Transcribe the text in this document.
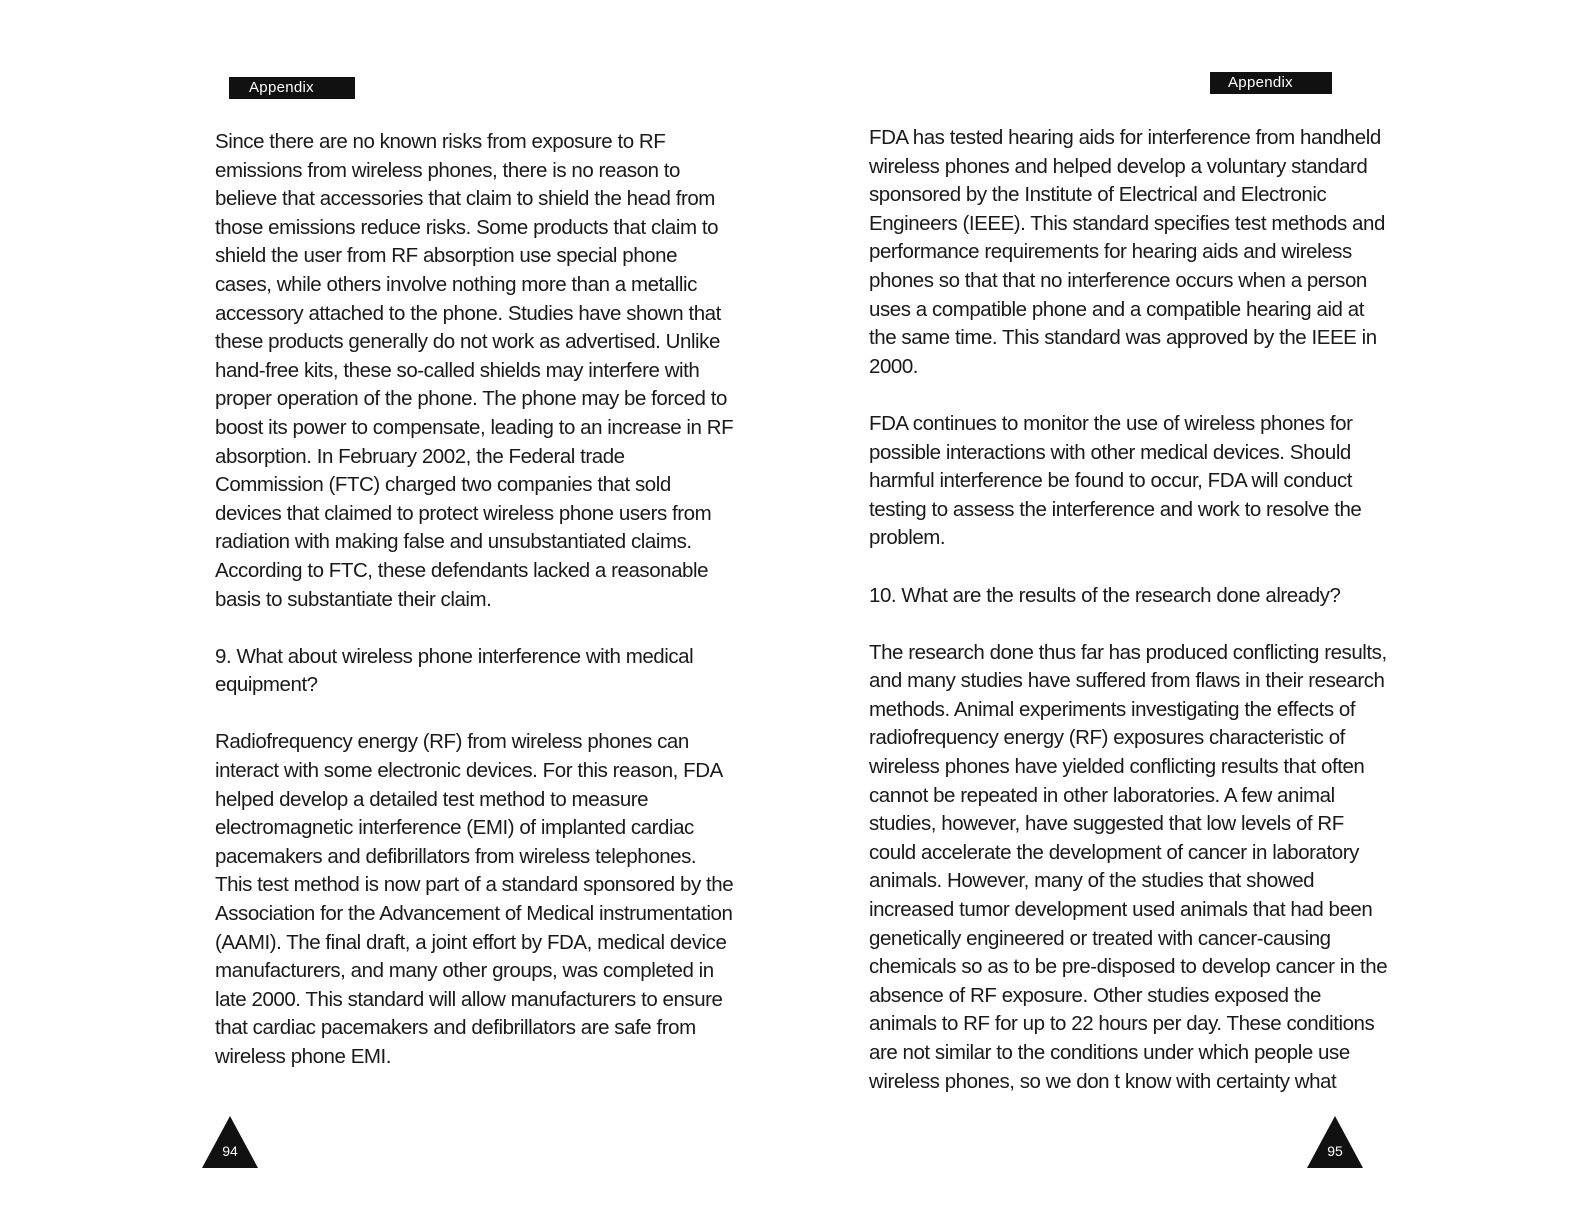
Appendix

Since there are no known risks from exposure to RF emissions from wireless phones, there is no reason to believe that accessories that claim to shield the head from those emissions reduce risks. Some products that claim to shield the user from RF absorption use special phone cases, while others involve nothing more than a metallic accessory attached to the phone. Studies have shown that these products generally do not work as advertised. Unlike hand-free kits, these so-called shields may interfere with proper operation of the phone. The phone may be forced to boost its power to compensate, leading to an increase in RF absorption. In February 2002, the Federal trade Commission (FTC) charged two companies that sold devices that claimed to protect wireless phone users from radiation with making false and unsubstantiated claims. According to FTC, these defendants lacked a reasonable basis to substantiate their claim.

9. What about wireless phone interference with medical equipment?

Radiofrequency energy (RF) from wireless phones can interact with some electronic devices. For this reason, FDA helped develop a detailed test method to measure electromagnetic interference (EMI) of implanted cardiac pacemakers and defibrillators from wireless telephones. This test method is now part of a standard sponsored by the Association for the Advancement of Medical instrumentation (AAMI). The final draft, a joint effort by FDA, medical device manufacturers, and many other groups, was completed in late 2000. This standard will allow manufacturers to ensure that cardiac pacemakers and defibrillators are safe from wireless phone EMI.

94
Appendix

FDA has tested hearing aids for interference from handheld wireless phones and helped develop a voluntary standard sponsored by the Institute of Electrical and Electronic Engineers (IEEE). This standard specifies test methods and performance requirements for hearing aids and wireless phones so that that no interference occurs when a person uses a compatible phone and a compatible hearing aid at the same time. This standard was approved by the IEEE in 2000.

FDA continues to monitor the use of wireless phones for possible interactions with other medical devices. Should harmful interference be found to occur, FDA will conduct testing to assess the interference and work to resolve the problem.

10. What are the results of the research done already?

The research done thus far has produced conflicting results, and many studies have suffered from flaws in their research methods. Animal experiments investigating the effects of radiofrequency energy (RF) exposures characteristic of wireless phones have yielded conflicting results that often cannot be repeated in other laboratories. A few animal studies, however, have suggested that low levels of RF could accelerate the development of cancer in laboratory animals. However, many of the studies that showed increased tumor development used animals that had been genetically engineered or treated with cancer-causing chemicals so as to be pre-disposed to develop cancer in the absence of RF exposure. Other studies exposed the animals to RF for up to 22 hours per day. These conditions are not similar to the conditions under which people use wireless phones, so we don t know with certainty what

95
